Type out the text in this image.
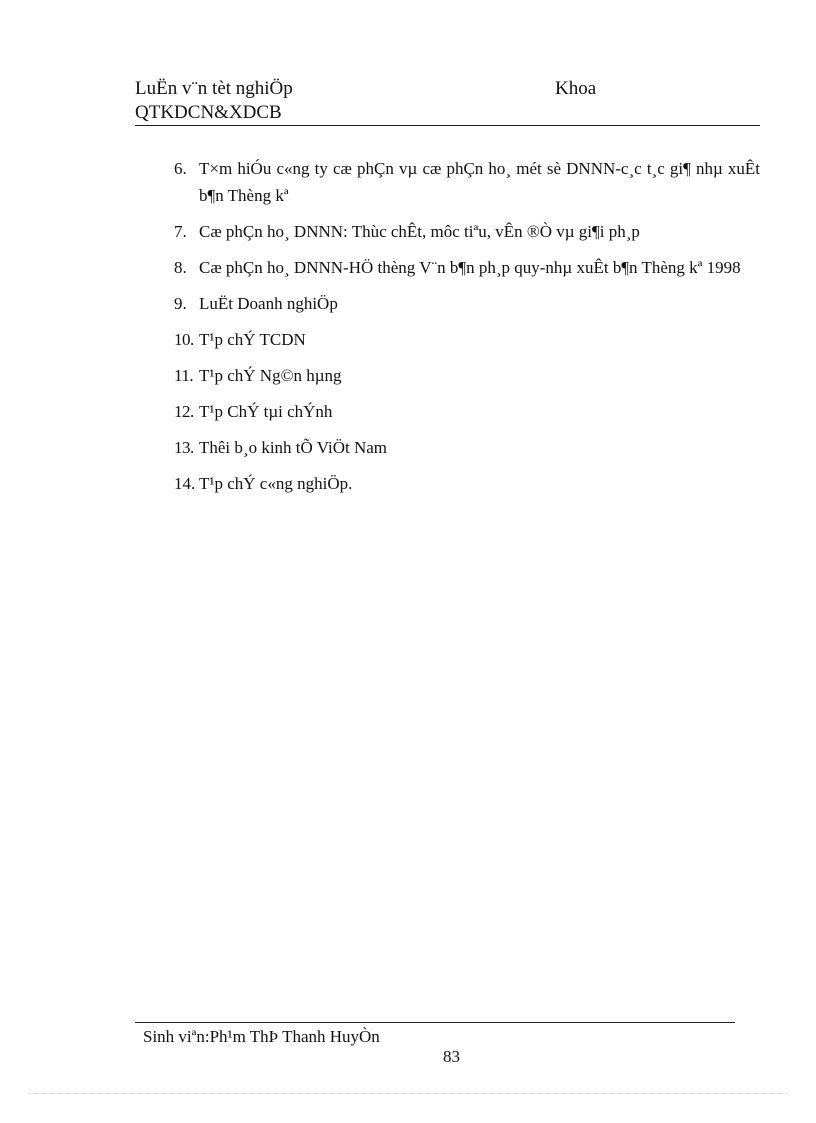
LuËn v¨n tèt nghiÖp	Khoa
QTKDCN&XDCB
6. T×m hiÓu c«ng ty cæ phÇn vµ cæ phÇn ho¸ mét sè DNNN-c¸c t¸c gi¶ nhµ xuÊt b¶n Thèng kª
7. Cæ phÇn ho¸ DNNN: Thùc chÊt, môc tiªu, vÊn ®Ò vµ gi¶i ph¸p
8. Cæ phÇn ho¸ DNNN-HÖ thèng V¨n b¶n ph¸p quy-nhµ xuÊt b¶n Thèng kª 1998
9. LuËt Doanh nghiÖp
10. T¹p chÝ TCDN
11. T¹p chÝ Ng©n hµng
12. T¹p ChÝ tµi chÝnh
13. Thêi b¸o kinh tÕ ViÖt Nam
14. T¹p chÝ c«ng nghiÖp.
Sinh viªn:Ph¹m ThÞ Thanh HuyÒn
83
